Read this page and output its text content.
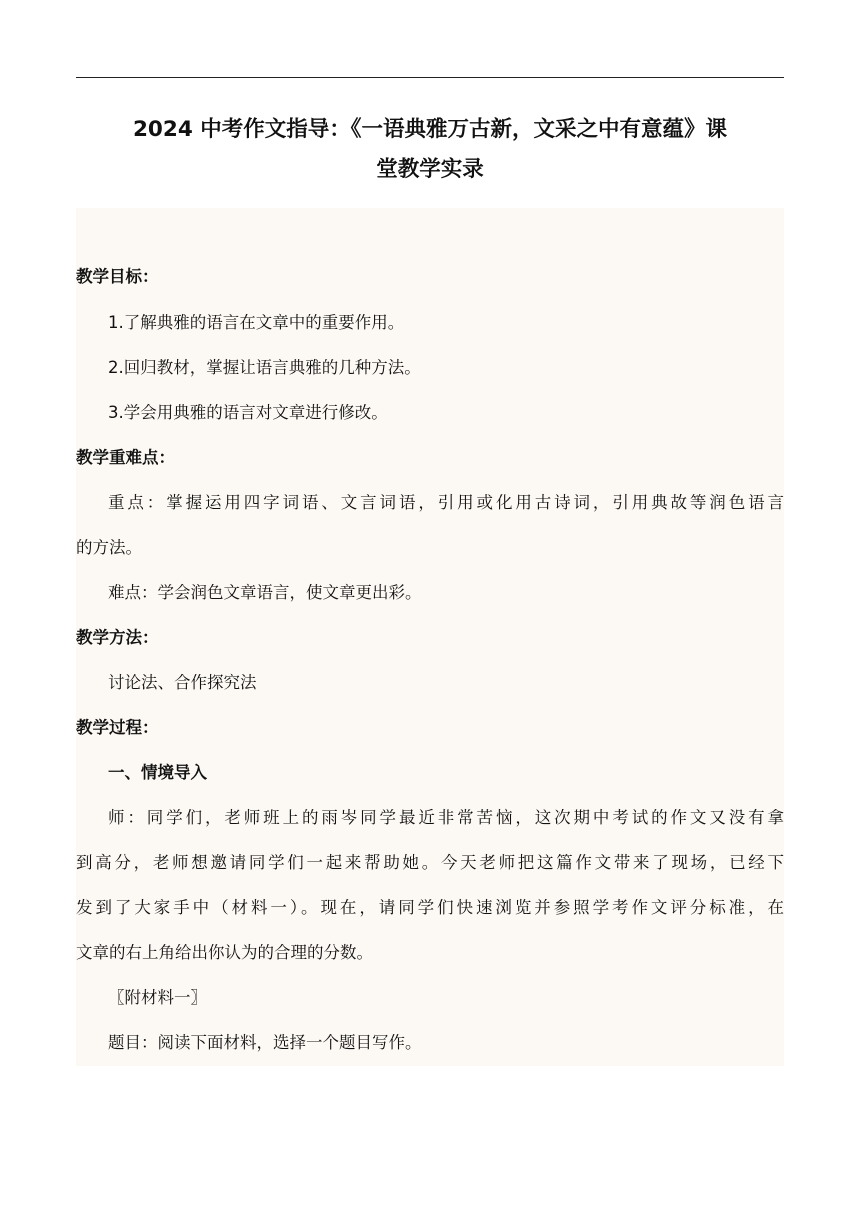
2024 中考作文指导：《一语典雅万古新，文采之中有意蕴》课
堂教学实录
教学目标：
1.了解典雅的语言在文章中的重要作用。
2.回归教材，掌握让语言典雅的几种方法。
3.学会用典雅的语言对文章进行修改。
教学重难点：
重点：掌握运用四字词语、文言词语，引用或化用古诗词，引用典故等润色语言
的方法。
难点：学会润色文章语言，使文章更出彩。
教学方法：
讨论法、合作探究法
教学过程：
一、情境导入
师：同学们，老师班上的雨岑同学最近非常苦恼，这次期中考试的作文又没有拿
到高分，老师想邀请同学们一起来帮助她。今天老师把这篇作文带来了现场，已经下
发到了大家手中（材料一）。现在，请同学们快速浏览并参照学考作文评分标准，在
文章的右上角给出你认为的合理的分数。
〖附材料一〗
题目：阅读下面材料，选择一个题目写作。
